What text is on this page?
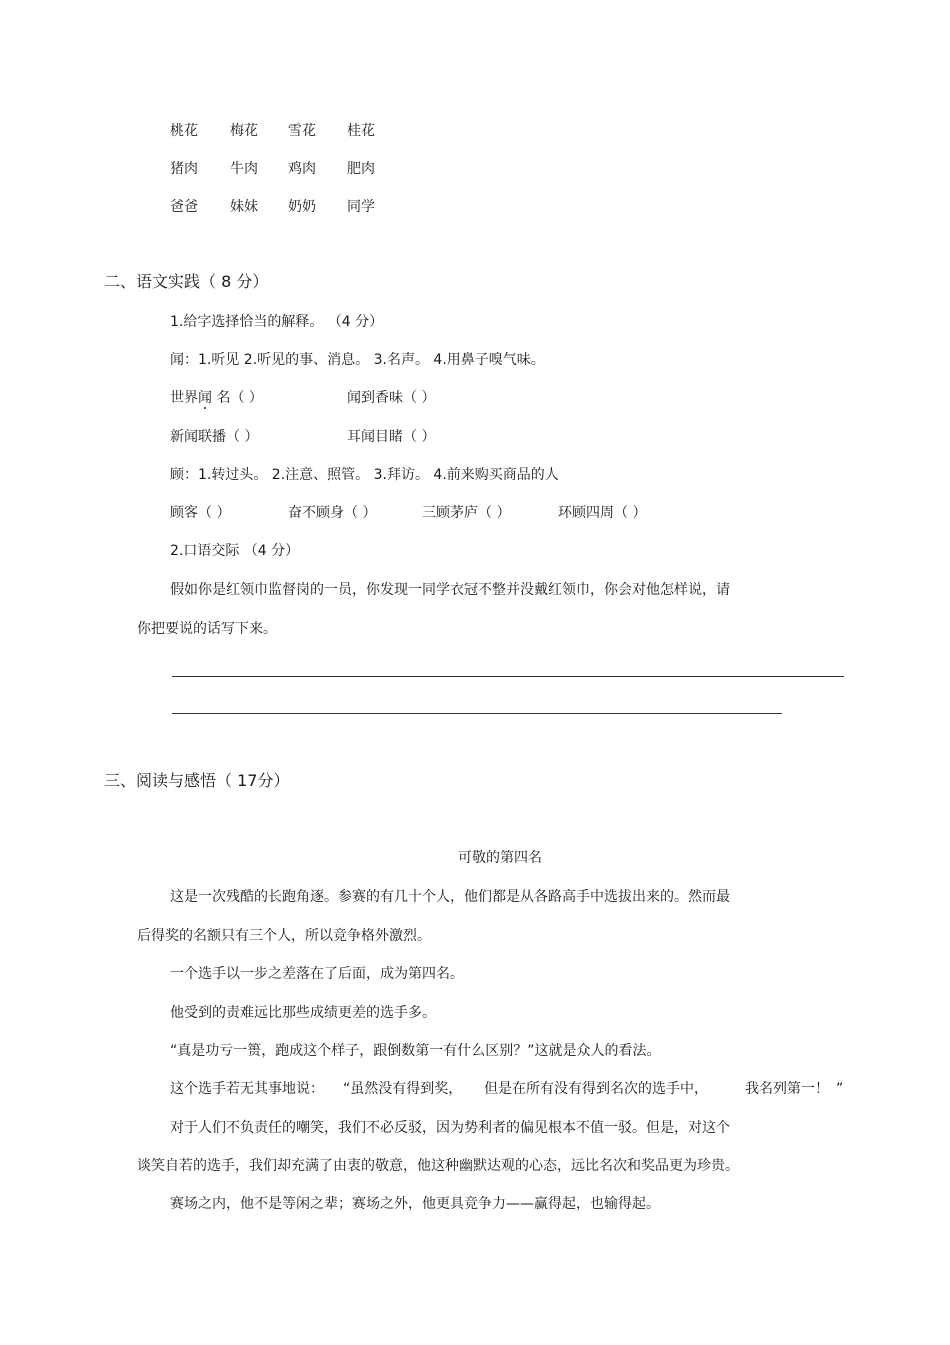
桃花 梅花 雪花 桂花
猪肉 牛肉 鸡肉 肥肉
爸爸 妹妹 奶奶 同学
二、语文实践（ 8 分）
1.给字选择恰当的解释。 （4 分）
闻：1.听见 2.听见的事、消息。 3.名声。 4.用鼻子嗅气味。
世界闻 名（ ）	闻到香味（ ）
新闻联播（ ）	耳闻目睹（ ）
顾：1.转过头。 2.注意、照管。 3.拜访。 4.前来购买商品的人
顾客（ ）	奋不顾身（ ）	三顾茅庐（ ）	环顾四周（ ）
2.口语交际 （4 分）
假如你是红领巾监督岗的一员，你发现一同学衣冠不整并没戴红领巾，你会对他怎样说，请
你把要说的话写下来。
三、阅读与感悟（ 17分）
可敬的第四名
这是一次残酷的长跑角逐。参赛的有几十个人，他们都是从各路高手中选拔出来的。然而最
后得奖的名额只有三个人，所以竞争格外激烈。
一个选手以一步之差落在了后面，成为第四名。
他受到的责难远比那些成绩更差的选手多。
“真是功亏一篑，跑成这个样子，跟倒数第一有什么区别？”这就是众人的看法。
这个选手若无其事地说： “虽然没有得到奖， 但是在所有没有得到名次的选手中，	我名列第一！ ”
对于人们不负责任的嘲笑，我们不必反驳，因为势利者的偏见根本不值一驳。但是，对这个
谈笑自若的选手，我们却充满了由衷的敬意，他这种幽默达观的心态，远比名次和奖品更为珍贵。
赛场之内，他不是等闲之辈；赛场之外，他更具竞争力——赢得起，也输得起。
